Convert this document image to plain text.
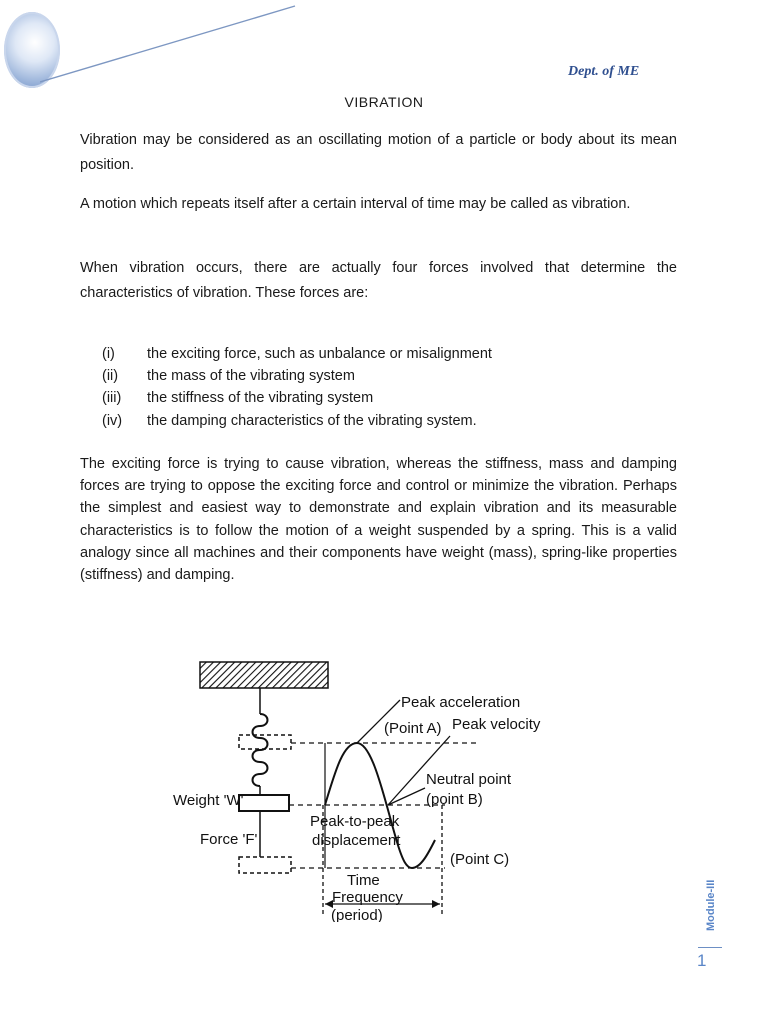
Dept. of ME
VIBRATION

Vibration may be considered as an oscillating motion of a particle or body about its mean position.

A motion which repeats itself after a certain interval of time may be called as vibration.

When vibration occurs, there are actually four forces involved that determine the characteristics of vibration. These forces are:

(i)	the exciting force, such as unbalance or misalignment
(ii)	the mass of the vibrating system
(iii)	the stiffness of the vibrating system
(iv)	the damping characteristics of the vibrating system.

The exciting force is trying to cause vibration, whereas the stiffness, mass and damping forces are trying to oppose the exciting force and control or minimize the vibration. Perhaps the simplest and easiest way to demonstrate and explain vibration and its measurable characteristics is to follow the motion of a weight suspended by a spring. This is a valid analogy since all machines and their components have weight (mass), spring-like properties (stiffness) and damping.

Peak acceleration
(Point A) Peak velocity
Neutral point
(point B)
Weight 'W'
Force 'F'
Peak-to-peak
displacement
(Point C)
Time
Frequency
(period)	Module-III
1
